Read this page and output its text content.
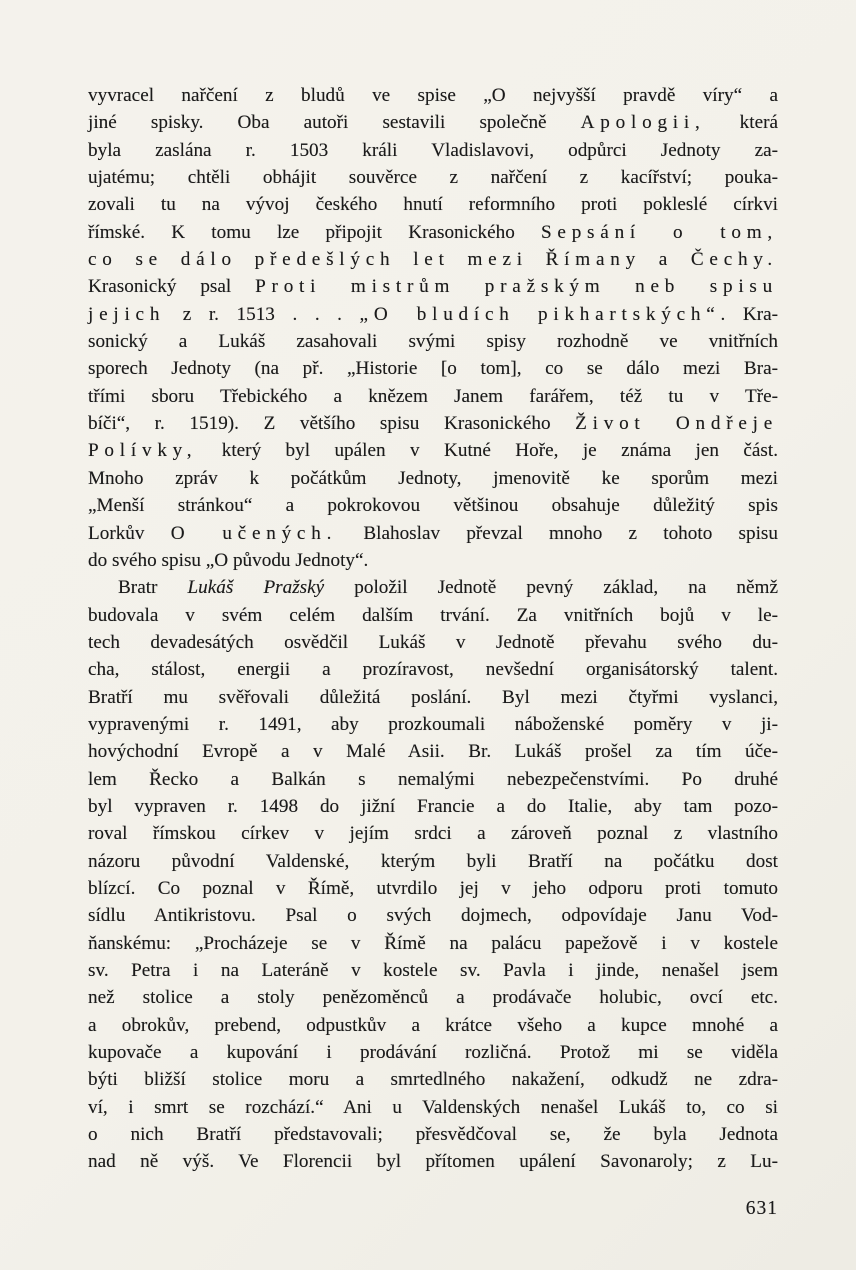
vyvracel nařčení z bludů ve spise „O nejvyšší pravdě víry“ a
jiné spisky. Oba autoři sestavili společně Apologii, která
byla zaslána r. 1503 králi Vladislavovi, odpůrci Jednoty za-
ujatému; chtěli obhájit souvěrce z nařčení z kacířství; pouka-
zovali tu na vývoj českého hnutí reformního proti pokleslé církvi
římské. K tomu lze připojit Krasonického Sepsání o tom,
co se dálo předešlých let mezi Římany a Čechy.
Krasonický psal Proti mistrům pražským neb spisu
jejich z r. 1513 . . . „O bludích pikhartských“. Kra-
sonický a Lukáš zasahovali svými spisy rozhodně ve vnitřních
sporech Jednoty (na př. „Historie [o tom], co se dálo mezi Bra-
třími sboru Třebického a knězem Janem farářem, též tu v Tře-
bíči“, r. 1519). Z většího spisu Krasonického Život Ondřeje
Polívky, který byl upálen v Kutné Hoře, je známa jen část.
Mnoho zpráv k počátkům Jednoty, jmenovitě ke sporům mezi
„Menší stránkou“ a pokrokovou většinou obsahuje důležitý spis
Lorkův O učených. Blahoslav převzal mnoho z tohoto spisu
do svého spisu „O původu Jednoty“.
Bratr Lukáš Pražský položil Jednotě pevný základ, na němž
budovala v svém celém dalším trvání. Za vnitřních bojů v le-
tech devadesátých osvědčil Lukáš v Jednotě převahu svého du-
cha, stálost, energii a prozíravost, nevšední organisátorský talent.
Bratří mu svěřovali důležitá poslání. Byl mezi čtyřmi vyslanci,
vypravenými r. 1491, aby prozkoumali náboženské poměry v ji-
hovýchodní Evropě a v Malé Asii. Br. Lukáš prošel za tím úče-
lem Řecko a Balkán s nemalými nebezpečenstvími. Po druhé
byl vypraven r. 1498 do jižní Francie a do Italie, aby tam pozo-
roval římskou církev v jejím srdci a zároveň poznal z vlastního
názoru původní Valdenské, kterým byli Bratří na počátku dost
blízcí. Co poznal v Římě, utvrdilo jej v jeho odporu proti tomuto
sídlu Antikristovu. Psal o svých dojmech, odpovídaje Janu Vod-
ňanskému: „Procházeje se v Římě na palácu papežově i v kostele
sv. Petra i na Lateráně v kostele sv. Pavla i jinde, nenašel jsem
než stolice a stoly penězoměnců a prodávače holubic, ovcí etc.
a obrokův, prebend, odpustkův a krátce všeho a kupce mnohé a
kupovače a kupování i prodávání rozličná. Protož mi se viděla
býti bližší stolice moru a smrtedlného nakažení, odkudž ne zdra-
ví, i smrt se rozchází.“ Ani u Valdenských nenašel Lukáš to, co si
o nich Bratří představovali; přesvědčoval se, že byla Jednota
nad ně výš. Ve Florencii byl přítomen upálení Savonaroly; z Lu-
631
